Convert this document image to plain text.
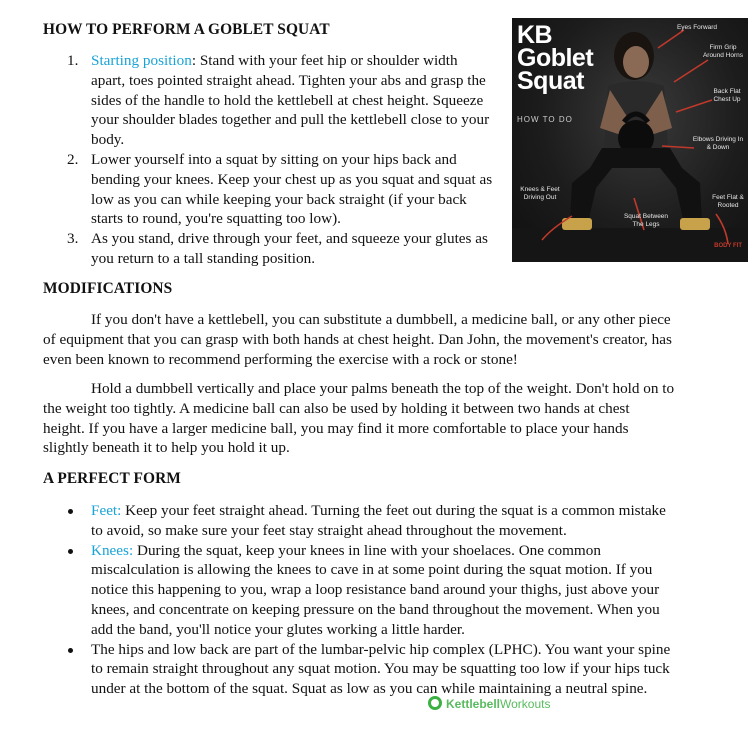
HOW TO PERFORM A GOBLET SQUAT
1. Starting position: Stand with your feet hip or shoulder width apart, toes pointed straight ahead. Tighten your abs and grasp the sides of the handle to hold the kettlebell at chest height. Squeeze your shoulder blades together and pull the kettlebell close to your body.
2. Lower yourself into a squat by sitting on your hips back and bending your knees. Keep your chest up as you squat and squat as low as you can while keeping your back straight (if your back starts to round, you're squatting too low).
3. As you stand, drive through your feet, and squeeze your glutes as you return to a tall standing position.
KB
Goblet
Squat
HOW TO DO
Eyes Forward
Firm Grip Around Horns
Back Flat Chest Up
Elbows Driving In & Down
Knees & Feet Driving Out	Feet Flat & Rooted
Squat Between The Legs
BODY FIT
MODIFICATIONS

If you don't have a kettlebell, you can substitute a dumbbell, a medicine ball, or any other piece of equipment that you can grasp with both hands at chest height. Dan John, the movement's creator, has even been known to recommend performing the exercise with a rock or stone!

Hold a dumbbell vertically and place your palms beneath the top of the weight. Don't hold on to the weight too tightly. A medicine ball can also be used by holding it between two hands at chest height. If you have a larger medicine ball, you may find it more comfortable to place your hands slightly beneath it to help you hold it up.

A PERFECT FORM
Feet: Keep your feet straight ahead. Turning the feet out during the squat is a common mistake to avoid, so make sure your feet stay straight ahead throughout the movement.
Knees: During the squat, keep your knees in line with your shoelaces. One common miscalculation is allowing the knees to cave in at some point during the squat motion. If you notice this happening to you, wrap a loop resistance band around your thighs, just above your knees, and concentrate on keeping pressure on the band throughout the movement. When you add the band, you'll notice your glutes working a little harder.
The hips and low back are part of the lumbar-pelvic hip complex (LPHC). You want your spine to remain straight throughout any squat motion. You may be squatting too low if your hips tuck under at the bottom of the squat. Squat as low as you can while maintaining a neutral spine.
KettlebellWorkouts
